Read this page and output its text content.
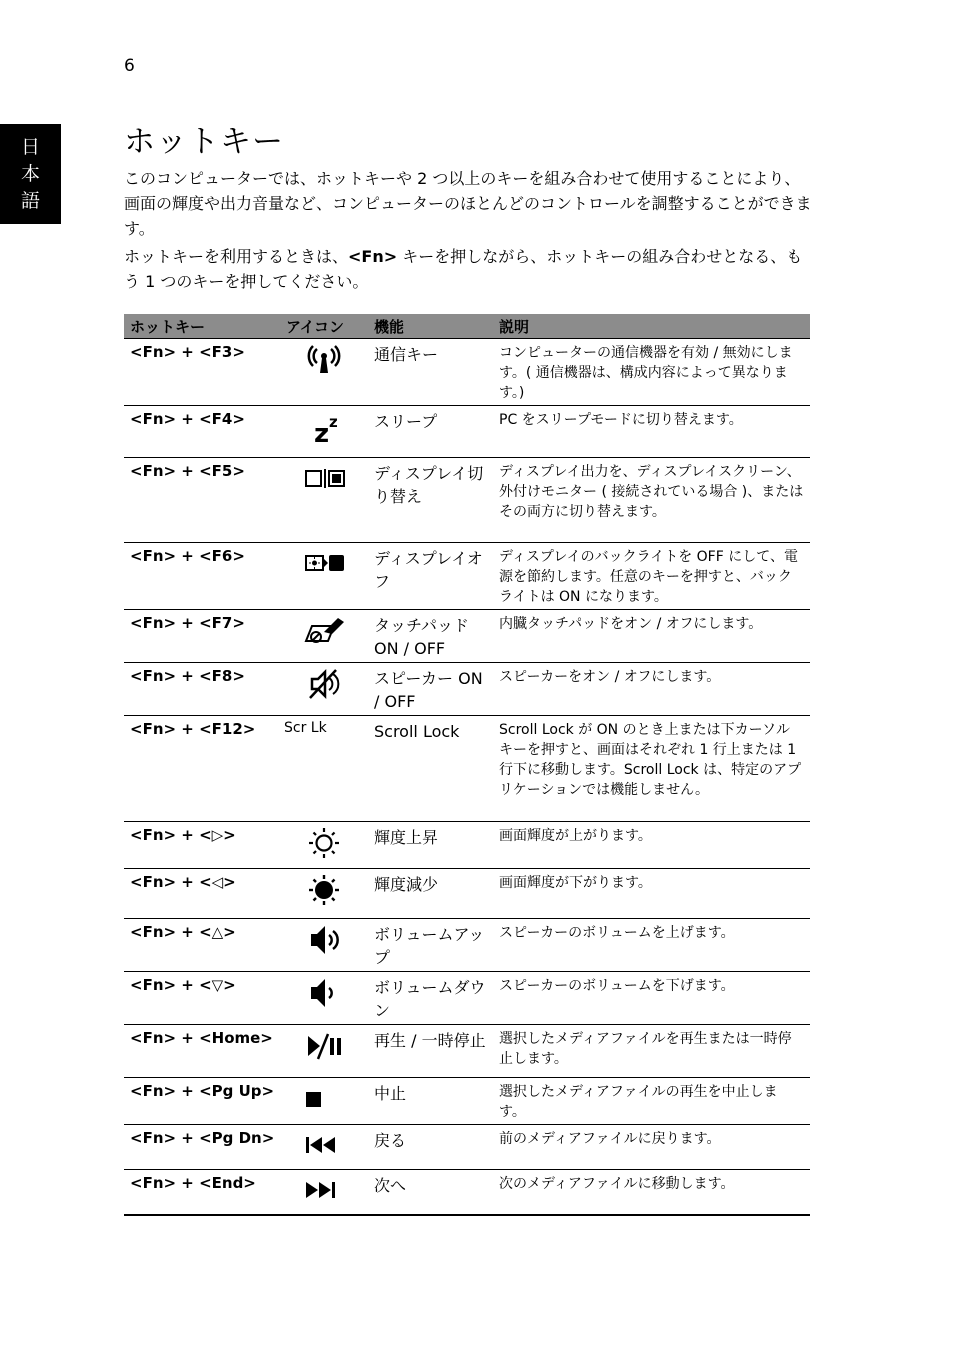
6
日
本
語
ホットキー

このコンピューターでは、ホットキーや 2 つ以上のキーを組み合わせて使用することにより、画面の輝度や出力音量など、コンピューターのほとんどのコントロールを調整することができます。

ホットキーを利用するときは、<Fn> キーを押しながら、ホットキーの組み合わせとなる、もう 1 つのキーを押してください。

ホットキー	アイコン	機能	説明
<Fn> + <F3>		通信キー	コンピューターの通信機器を有効 / 無効にします。( 通信機器は、構成内容によって異なります。)
<Fn> + <F4>	z z	スリープ	PC をスリープモードに切り替えます。
<Fn> + <F5>		ディスプレイ切り替え	ディスプレイ出力を、ディスプレイスクリーン、外付けモニター ( 接続されている場合 )、またはその両方に切り替えます。
<Fn> + <F6>		ディスプレイオフ	ディスプレイのバックライトを OFF にして、電源を節約します。任意のキーを押すと、バックライトは ON になります。
<Fn> + <F7>		タッチパッド ON / OFF	内臓タッチパッドをオン / オフにします。
<Fn> + <F8>		スピーカー ON / OFF	スピーカーをオン / オフにします。
<Fn> + <F12>	Scr Lk	Scroll Lock	Scroll Lock が ON のとき上または下カーソルキーを押すと、画面はそれぞれ 1 行上または 1 行下に移動します。Scroll Lock は、特定のアプリケーションでは機能しません。
<Fn> + <▷>		輝度上昇	画面輝度が上がります。
<Fn> + <◁>		輝度減少	画面輝度が下がります。
<Fn> + <△>		ボリュームアップ	スピーカーのボリュームを上げます。
<Fn> + <▽>		ボリュームダウン	スピーカーのボリュームを下げます。
<Fn> + <Home>		再生 / 一時停止	選択したメディアファイルを再生または一時停止します。
<Fn> + <Pg Up>		中止	選択したメディアファイルの再生を中止します。
<Fn> + <Pg Dn>		戻る	前のメディアファイルに戻ります。
<Fn> + <End>		次へ	次のメディアファイルに移動します。
